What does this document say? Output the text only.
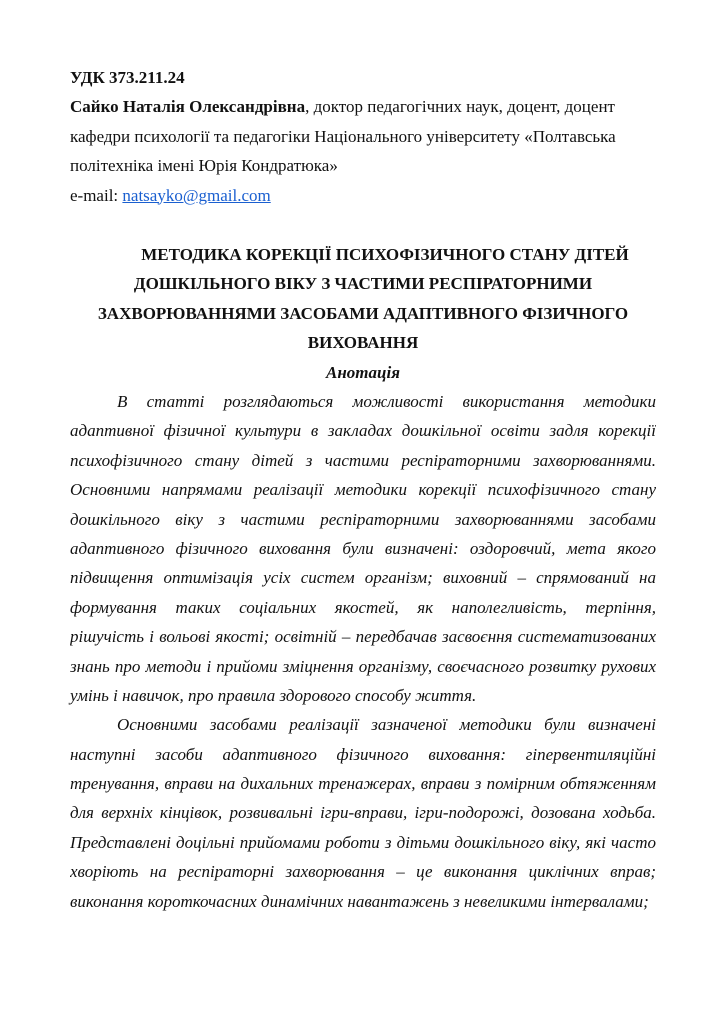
УДК 373.211.24
Сайко Наталія Олександрівна, доктор педагогічних наук, доцент, доцент
кафедри психології та педагогіки Національного університету «Полтавська
політехніка імені Юрія Кондратюка»
e-mail: natsayko@gmail.com
МЕТОДИКА КОРЕКЦІЇ ПСИХОФІЗИЧНОГО СТАНУ ДІТЕЙ
ДОШКІЛЬНОГО ВІКУ З ЧАСТИМИ РЕСПІРАТОРНИМИ
ЗАХВОРЮВАННЯМИ ЗАСОБАМИ АДАПТИВНОГО ФІЗИЧНОГО
ВИХОВАННЯ
Анотація
В статті розглядаються можливості використання методики
адаптивної фізичної культури в закладах дошкільної освіти задля корекції
психофізичного стану дітей з частими респіраторними захворюваннями.
Основними напрямами реалізації методики корекції психофізичного стану
дошкільного віку з частими респіраторними захворюваннями засобами
адаптивного фізичного виховання були визначені: оздоровчий, мета якого
підвищення оптимізація усіх систем організм; виховний – спрямований на
формування таких соціальних якостей, як наполегливість, терпіння,
рішучість і вольові якості; освітній – передбачав засвоєння систематизованих
знань про методи і прийоми зміцнення організму, своєчасного розвитку рухових
умінь і навичок, про правила здорового способу життя.
Основними засобами реалізації зазначеної методики були визначені
наступні засоби адаптивного фізичного виховання: гіпервентиляційні
тренування, вправи на дихальних тренажерах, вправи з помірним обтяженням
для верхніх кінцівок, розвивальні ігри-вправи, ігри-подорожі, дозована ходьба.
Представлені доцільні прийомами роботи з дітьми дошкільного віку, які часто
хворіють на респіраторні захворювання – це виконання циклічних вправ;
виконання короткочасних динамічних навантажень з невеликими інтервалами;
